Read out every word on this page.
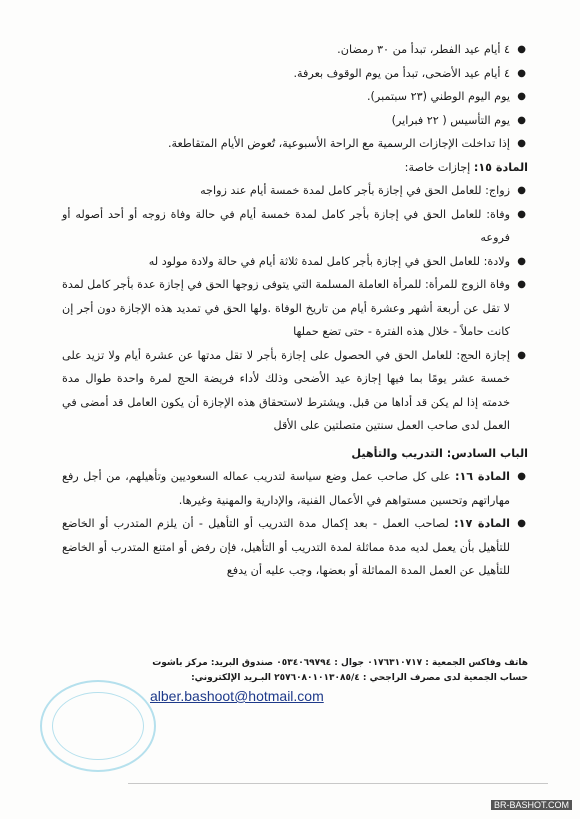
●
٤ أيام عيد الفطر، تبدأ من ٣٠ رمضان.
●
٤ أيام عيد الأضحى، تبدأ من يوم الوقوف بعرفة.
●
يوم اليوم الوطني (٢٣ سبتمبر).
●
يوم التأسيس ( ٢٢ فبراير)
●
إذا تداخلت الإجازات الرسمية مع الراحة الأسبوعية، تُعوض الأيام المتقاطعة.
المادة ١٥: إجازات خاصة:
●
زواج: للعامل الحق في إجازة بأجر كامل لمدة خمسة أيام عند زواجه
●
وفاة: للعامل الحق في إجازة بأجر كامل لمدة خمسة أيام في حالة وفاة زوجه أو أحد أصوله أو فروعه
●
ولادة: للعامل الحق في إجازة بأجر كامل لمدة ثلاثة أيام في حالة ولادة مولود له
●
وفاة الزوج للمرأة: للمرأة العاملة المسلمة التي يتوفى زوجها الحق في إجازة عدة بأجر كامل لمدة لا تقل عن أربعة أشهر وعشرة أيام من تاريخ الوفاة .ولها الحق في تمديد هذه الإجازة دون أجر إن كانت حاملاً - خلال هذه الفترة - حتى تضع حملها
●
إجازة الحج: للعامل الحق في الحصول على إجازة بأجر لا تقل مدتها عن عشرة أيام ولا تزيد على خمسة عشر يومًا بما فيها إجازة عيد الأضحى وذلك لأداء فريضة الحج لمرة واحدة طوال مدة خدمته إذا لم يكن قد أداها من قبل. ويشترط لاستحقاق هذه الإجازة أن يكون العامل قد أمضى في العمل لدى صاحب العمل سنتين متصلتين على الأقل
الباب السادس: التدريب والتأهيل
●
المادة ١٦: على كل صاحب عمل وضع سياسة لتدريب عماله السعوديين وتأهيلهم، من أجل رفع مهاراتهم وتحسين مستواهم في الأعمال الفنية، والإدارية والمهنية وغيرها.
●
المادة ١٧: لصاحب العمل - بعد إكمال مدة التدريب أو التأهيل - أن يلزم المتدرب أو الخاضع للتأهيل بأن يعمل لديه مدة مماثلة لمدة التدريب أو التأهيل، فإن رفض أو امتنع المتدرب أو الخاضع للتأهيل عن العمل المدة المماثلة أو بعضها، وجب عليه أن يدفع
هاتف وفاكس الجمعية : ٠١٧٦٣١٠٧١٧ جوال : ٠٥٣٤٠٦٩٧٩٤ صندوق البريد: مركز باشوت
حساب الجمعية لدى مصرف الراجحي : ٢٥٧٦٠٨٠١٠١٣٠٨٥/٤ البـريد الإلكتروني:
alber.bashoot@hotmail.com
BR-BASHOT.COM
